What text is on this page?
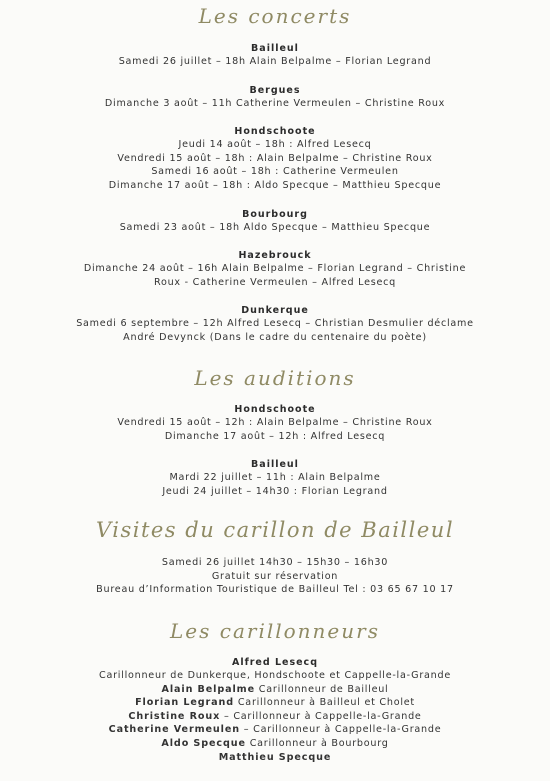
Les concerts
Bailleul
Samedi 26 juillet – 18h Alain Belpalme – Florian Legrand
Bergues
Dimanche 3 août – 11h Catherine Vermeulen – Christine Roux
Hondschoote
Jeudi 14 août – 18h : Alfred Lesecq
Vendredi 15 août – 18h : Alain Belpalme – Christine Roux
Samedi 16 août – 18h : Catherine Vermeulen
Dimanche 17 août – 18h : Aldo Specque – Matthieu Specque
Bourbourg
Samedi 23 août – 18h Aldo Specque – Matthieu Specque
Hazebrouck
Dimanche 24 août – 16h Alain Belpalme – Florian Legrand – Christine
Roux - Catherine Vermeulen – Alfred Lesecq
Dunkerque
Samedi 6 septembre – 12h Alfred Lesecq – Christian Desmulier déclame
André Devynck (Dans le cadre du centenaire du poète)
Les auditions
Hondschoote
Vendredi 15 août – 12h : Alain Belpalme – Christine Roux
Dimanche 17 août – 12h : Alfred Lesecq
Bailleul
Mardi 22 juillet – 11h : Alain Belpalme
Jeudi 24 juillet – 14h30 : Florian Legrand
Visites du carillon de Bailleul
Samedi 26 juillet 14h30 – 15h30 – 16h30
Gratuit sur réservation
Bureau d’Information Touristique de Bailleul Tel : 03 65 67 10 17
Les carillonneurs
Alfred Lesecq
Carillonneur de Dunkerque, Hondschoote et Cappelle-la-Grande
Alain Belpalme Carillonneur de Bailleul
Florian Legrand Carillonneur à Bailleul et Cholet
Christine Roux – Carillonneur à Cappelle-la-Grande
Catherine Vermeulen – Carillonneur à Cappelle-la-Grande
Aldo Specque Carillonneur à Bourbourg
Matthieu Specque
